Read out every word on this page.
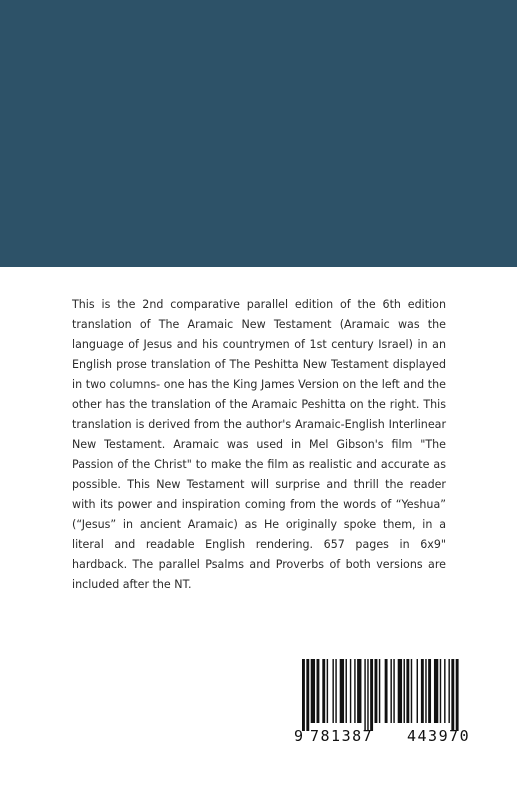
This is the 2nd comparative parallel edition of the 6th edition translation of The Aramaic New Testament (Aramaic was the language of Jesus and his countrymen of 1st century Israel) in an English prose translation of The Peshitta New Testament displayed in two columns- one has the King James Version on the left and the other has the translation of the Aramaic Peshitta on the right. This translation is derived from the author's Aramaic-English Interlinear New Testament. Aramaic was used in Mel Gibson's film "The Passion of the Christ" to make the film as realistic and accurate as possible. This New Testament will surprise and thrill the reader with its power and inspiration coming from the words of “Yeshua” (“Jesus” in ancient Aramaic) as He originally spoke them, in a literal and readable English rendering. 657 pages in 6x9" hardback. The parallel Psalms and Proverbs of both versions are included after the NT.

9

781387

443970
